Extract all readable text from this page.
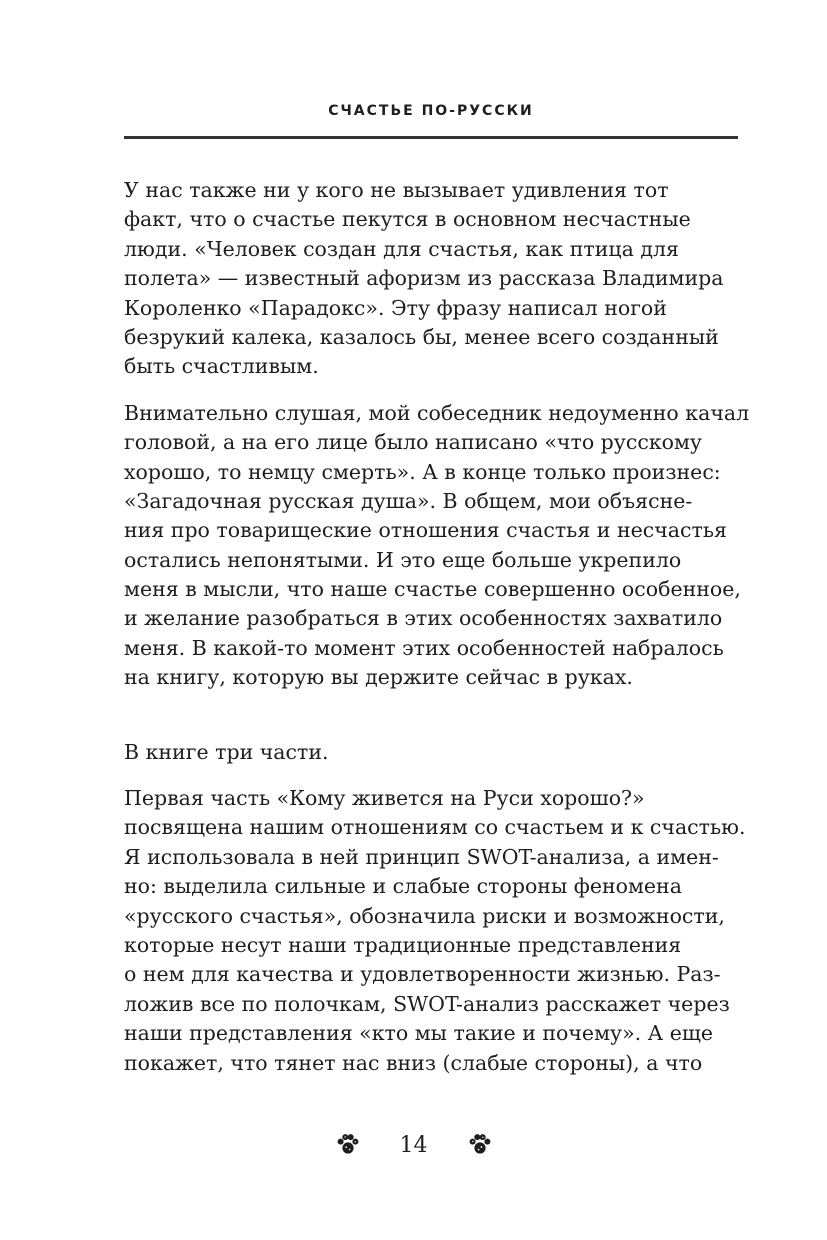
СЧАСТЬЕ ПО-РУССКИ
У нас также ни у кого не вызывает удивления тот
факт, что о счастье пекутся в основном несчастные
люди. «Человек создан для счастья, как птица для
полета» — известный афоризм из рассказа Владимира
Короленко «Парадокс». Эту фразу написал ногой
безрукий калека, казалось бы, менее всего созданный
быть счастливым.
Внимательно слушая, мой собеседник недоуменно качал
головой, а на его лице было написано «что русскому
хорошо, то немцу смерть». А в конце только произнес:
«Загадочная русская душа». В общем, мои объясне-
ния про товарищеские отношения счастья и несчастья
остались непонятыми. И это еще больше укрепило
меня в мысли, что наше счастье совершенно особенное,
и желание разобраться в этих особенностях захватило
меня. В какой-то момент этих особенностей набралось
на книгу, которую вы держите сейчас в руках.
В книге три части.
Первая часть «Кому живется на Руси хорошо?»
посвящена нашим отношениям со счастьем и к счастью.
Я использовала в ней принцип SWOT-анализа, а имен-
но: выделила сильные и слабые стороны феномена
«русского счастья», обозначила риски и возможности,
которые несут наши традиционные представления
о нем для качества и удовлетворенности жизнью. Раз-
ложив все по полочкам, SWOT-анализ расскажет через
наши представления «кто мы такие и почему». А еще
покажет, что тянет нас вниз (слабые стороны), а что
14
